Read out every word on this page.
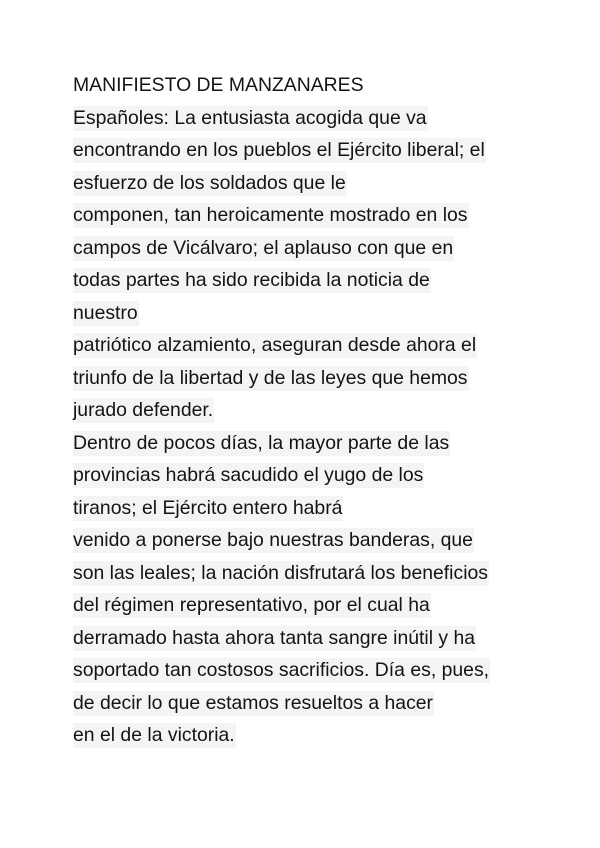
MANIFIESTO DE MANZANARES
Españoles: La entusiasta acogida que va
encontrando en los pueblos el Ejército liberal; el
esfuerzo de los soldados que le
componen, tan heroicamente mostrado en los
campos de Vicálvaro; el aplauso con que en
todas partes ha sido recibida la noticia de
nuestro
patriótico alzamiento, aseguran desde ahora el
triunfo de la libertad y de las leyes que hemos
jurado defender.
Dentro de pocos días, la mayor parte de las
provincias habrá sacudido el yugo de los
tiranos; el Ejército entero habrá
venido a ponerse bajo nuestras banderas, que
son las leales; la nación disfrutará los beneficios
del régimen representativo, por el cual ha
derramado hasta ahora tanta sangre inútil y ha
soportado tan costosos sacrificios. Día es, pues,
de decir lo que estamos resueltos a hacer
en el de la victoria.
